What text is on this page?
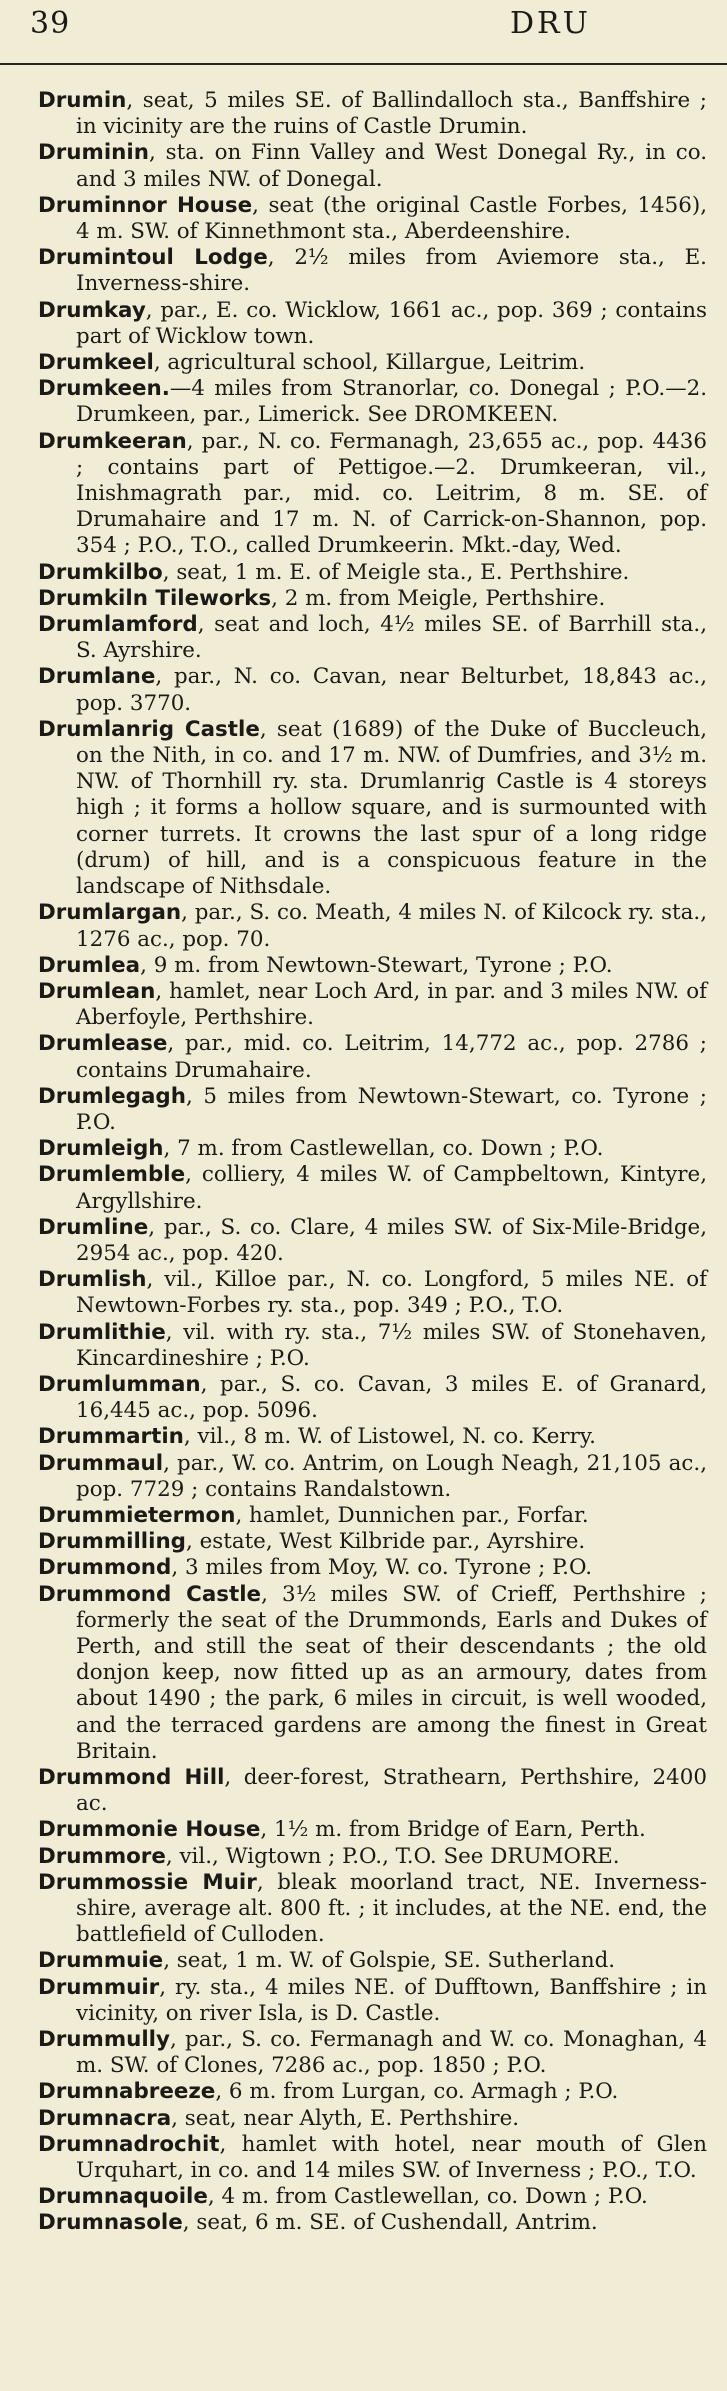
39	DRU

Drumin, seat, 5 miles SE. of Ballindalloch sta., Banffshire ; in vicinity are the ruins of Castle Drumin.

Druminin, sta. on Finn Valley and West Donegal Ry., in co. and 3 miles NW. of Donegal.

Druminnor House, seat (the original Castle Forbes, 1456), 4 m. SW. of Kinnethmont sta., Aberdeenshire.

Drumintoul Lodge, 2½ miles from Aviemore sta., E. Inverness-shire.

Drumkay, par., E. co. Wicklow, 1661 ac., pop. 369 ; contains part of Wicklow town.

Drumkeel, agricultural school, Killargue, Leitrim.

Drumkeen.—4 miles from Stranorlar, co. Donegal ; P.O.—2. Drumkeen, par., Limerick. See DROMKEEN.

Drumkeeran, par., N. co. Fermanagh, 23,655 ac., pop. 4436 ; contains part of Pettigoe.—2. Drumkeeran, vil., Inishmagrath par., mid. co. Leitrim, 8 m. SE. of Drumahaire and 17 m. N. of Carrick-on-Shannon, pop. 354 ; P.O., T.O., called Drumkeerin. Mkt.-day, Wed.

Drumkilbo, seat, 1 m. E. of Meigle sta., E. Perthshire.

Drumkiln Tileworks, 2 m. from Meigle, Perthshire.

Drumlamford, seat and loch, 4½ miles SE. of Barrhill sta., S. Ayrshire.

Drumlane, par., N. co. Cavan, near Belturbet, 18,843 ac., pop. 3770.

Drumlanrig Castle, seat (1689) of the Duke of Buccleuch, on the Nith, in co. and 17 m. NW. of Dumfries, and 3½ m. NW. of Thornhill ry. sta. Drumlanrig Castle is 4 storeys high ; it forms a hollow square, and is surmounted with corner turrets. It crowns the last spur of a long ridge (drum) of hill, and is a conspicuous feature in the landscape of Nithsdale.

Drumlargan, par., S. co. Meath, 4 miles N. of Kilcock ry. sta., 1276 ac., pop. 70.

Drumlea, 9 m. from Newtown-Stewart, Tyrone ; P.O.

Drumlean, hamlet, near Loch Ard, in par. and 3 miles NW. of Aberfoyle, Perthshire.

Drumlease, par., mid. co. Leitrim, 14,772 ac., pop. 2786 ; contains Drumahaire.

Drumlegagh, 5 miles from Newtown-Stewart, co. Tyrone ; P.O.

Drumleigh, 7 m. from Castlewellan, co. Down ; P.O.

Drumlemble, colliery, 4 miles W. of Campbeltown, Kintyre, Argyllshire.

Drumline, par., S. co. Clare, 4 miles SW. of Six-Mile-Bridge, 2954 ac., pop. 420.

Drumlish, vil., Killoe par., N. co. Longford, 5 miles NE. of Newtown-Forbes ry. sta., pop. 349 ; P.O., T.O.

Drumlithie, vil. with ry. sta., 7½ miles SW. of Stonehaven, Kincardineshire ; P.O.

Drumlumman, par., S. co. Cavan, 3 miles E. of Granard, 16,445 ac., pop. 5096.

Drummartin, vil., 8 m. W. of Listowel, N. co. Kerry.

Drummaul, par., W. co. Antrim, on Lough Neagh, 21,105 ac., pop. 7729 ; contains Randalstown.

Drummietermon, hamlet, Dunnichen par., Forfar.

Drummilling, estate, West Kilbride par., Ayrshire.

Drummond, 3 miles from Moy, W. co. Tyrone ; P.O.

Drummond Castle, 3½ miles SW. of Crieff, Perthshire ; formerly the seat of the Drummonds, Earls and Dukes of Perth, and still the seat of their descendants ; the old donjon keep, now fitted up as an armoury, dates from about 1490 ; the park, 6 miles in circuit, is well wooded, and the terraced gardens are among the finest in Great Britain.

Drummond Hill, deer-forest, Strathearn, Perthshire, 2400 ac.

Drummonie House, 1½ m. from Bridge of Earn, Perth.

Drummore, vil., Wigtown ; P.O., T.O. See DRUMORE.

Drummossie Muir, bleak moorland tract, NE. Inverness-shire, average alt. 800 ft. ; it includes, at the NE. end, the battlefield of Culloden.

Drummuie, seat, 1 m. W. of Golspie, SE. Sutherland.

Drummuir, ry. sta., 4 miles NE. of Dufftown, Banffshire ; in vicinity, on river Isla, is D. Castle.

Drummully, par., S. co. Fermanagh and W. co. Monaghan, 4 m. SW. of Clones, 7286 ac., pop. 1850 ; P.O.

Drumnabreeze, 6 m. from Lurgan, co. Armagh ; P.O.

Drumnacra, seat, near Alyth, E. Perthshire.

Drumnadrochit, hamlet with hotel, near mouth of Glen Urquhart, in co. and 14 miles SW. of Inverness ; P.O., T.O.

Drumnaquoile, 4 m. from Castlewellan, co. Down ; P.O.

Drumnasole, seat, 6 m. SE. of Cushendall, Antrim.
